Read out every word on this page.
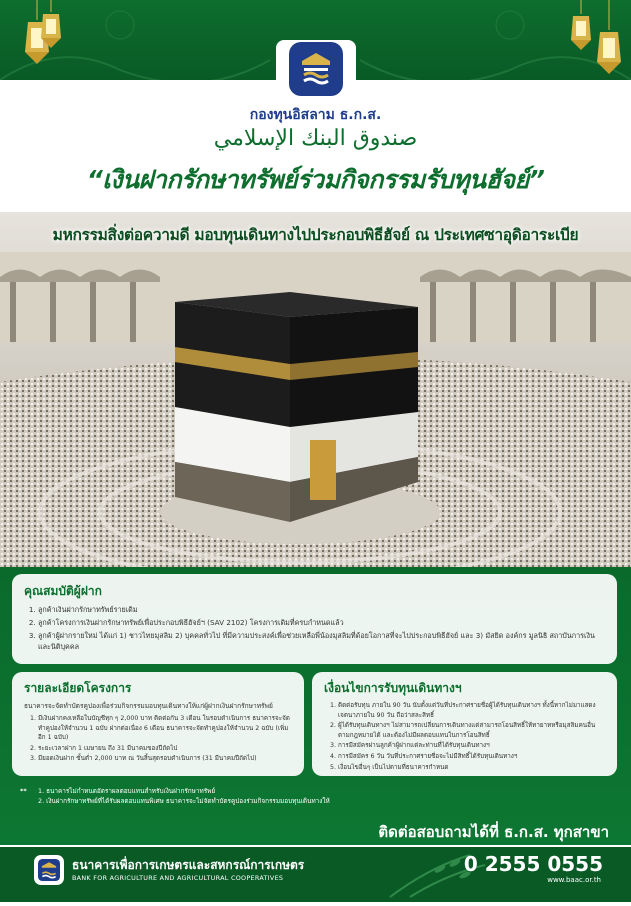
กองทุนอิสลาม ธ.ก.ส.
صندوق البنك الإسلامي
“เงินฝากรักษาทรัพย์ร่วมกิจกรรมรับทุนฮัจย์”
มหกรรมสิ่งต่อความดี มอบทุนเดินทางไปประกอบพิธีฮัจย์ ณ ประเทศซาอุดิอาระเบีย
คุณสมบัติผู้ฝาก
1. ลูกค้าเงินฝากรักษาทรัพย์รายเดิม
2. ลูกค้าโครงการเงินฝากรักษาทรัพย์เพื่อประกอบพิธีฮัจย์ฯ (SAV 2102) โครงการเดิมที่ครบกำหนดแล้ว
3. ลูกค้าผู้ฝากรายใหม่ ได้แก่ 1) ชาวไทยมุสลิม 2) บุคคลทั่วไป ที่มีความประสงค์เพื่อช่วยเหลือพี่น้องมุสลิมที่ด้อยโอกาสที่จะไปประกอบพิธีฮัจย์ และ 3) มัสยิด องค์กร มูลนิธิ สถาบันการเงิน และนิติบุคคล
รายละเอียดโครงการ
ธนาคารจะจัดทำบัตรคูปองเพื่อร่วมกิจกรรมมอบทุนเดินทางให้แก่ผู้ฝากเงินฝากรักษาทรัพย์
1. มีเงินฝากคงเหลือในบัญชีทุก ๆ 2,000 บาท ติดต่อกัน 3 เดือน ในรอบดำเนินการ ธนาคารจะจัดทำคูปองให้จำนวน 1 ฉบับ ฝากต่อเนื่อง 6 เดือน ธนาคารจะจัดทำคูปองให้จำนวน 2 ฉบับ (เพิ่มอีก 1 ฉบับ)
2. ระยะเวลาฝาก 1 เมษายน ถึง 31 มีนาคมของปีถัดไป
3. มียอดเงินฝาก ขั้นต่ำ 2,000 บาท ณ วันสิ้นสุดรอบดำเนินการ (31 มีนาคมปีถัดไป)
เงื่อนไขการรับทุนเดินทางฯ
1. ติดต่อรับทุน ภายใน 90 วัน นับตั้งแต่วันที่ประกาศรายชื่อผู้ได้รับทุนเดินทางฯ ทั้งนี้หากไม่มาแสดงเจตนาภายใน 90 วัน ถือว่าสละสิทธิ์
2. ผู้ได้รับทุนเดินทางฯ ไม่สามารถเปลี่ยนการเดินทางแต่สามารถโอนสิทธิ์ให้ทายาทหรือมุสลิมคนอื่นตามกฎหมายได้ และต้องไม่มีผลตอบแทนในการโอนสิทธิ์
3. การมีสมัครผ่านลูกค้าผู้ฝากแต่ละท่านที่ได้รับทุนเดินทางฯ
4. การมีสมัคร 6 วัน วันที่ประกาศรายชื่อจะไม่มีสิทธิ์ได้รับทุนเดินทางฯ
5. เงื่อนไขอื่นๆ เป็นไปตามที่ธนาคารกำหนด
**	1. ธนาคารไม่กำหนดอัตราผลตอบแทนสำหรับเงินฝากรักษาทรัพย์
2. เงินฝากรักษาทรัพย์ที่ได้รับผลตอบแทนพิเศษ ธนาคารจะไม่จัดทำบัตรคูปองร่วมกิจกรรมมอบทุนเดินทางให้
ติดต่อสอบถามได้ที่ ธ.ก.ส. ทุกสาขา
ธนาคารเพื่อการเกษตรและสหกรณ์การเกษตร
BANK FOR AGRICULTURE AND AGRICULTURAL COOPERATIVES
0 2555 0555
www.baac.or.th
